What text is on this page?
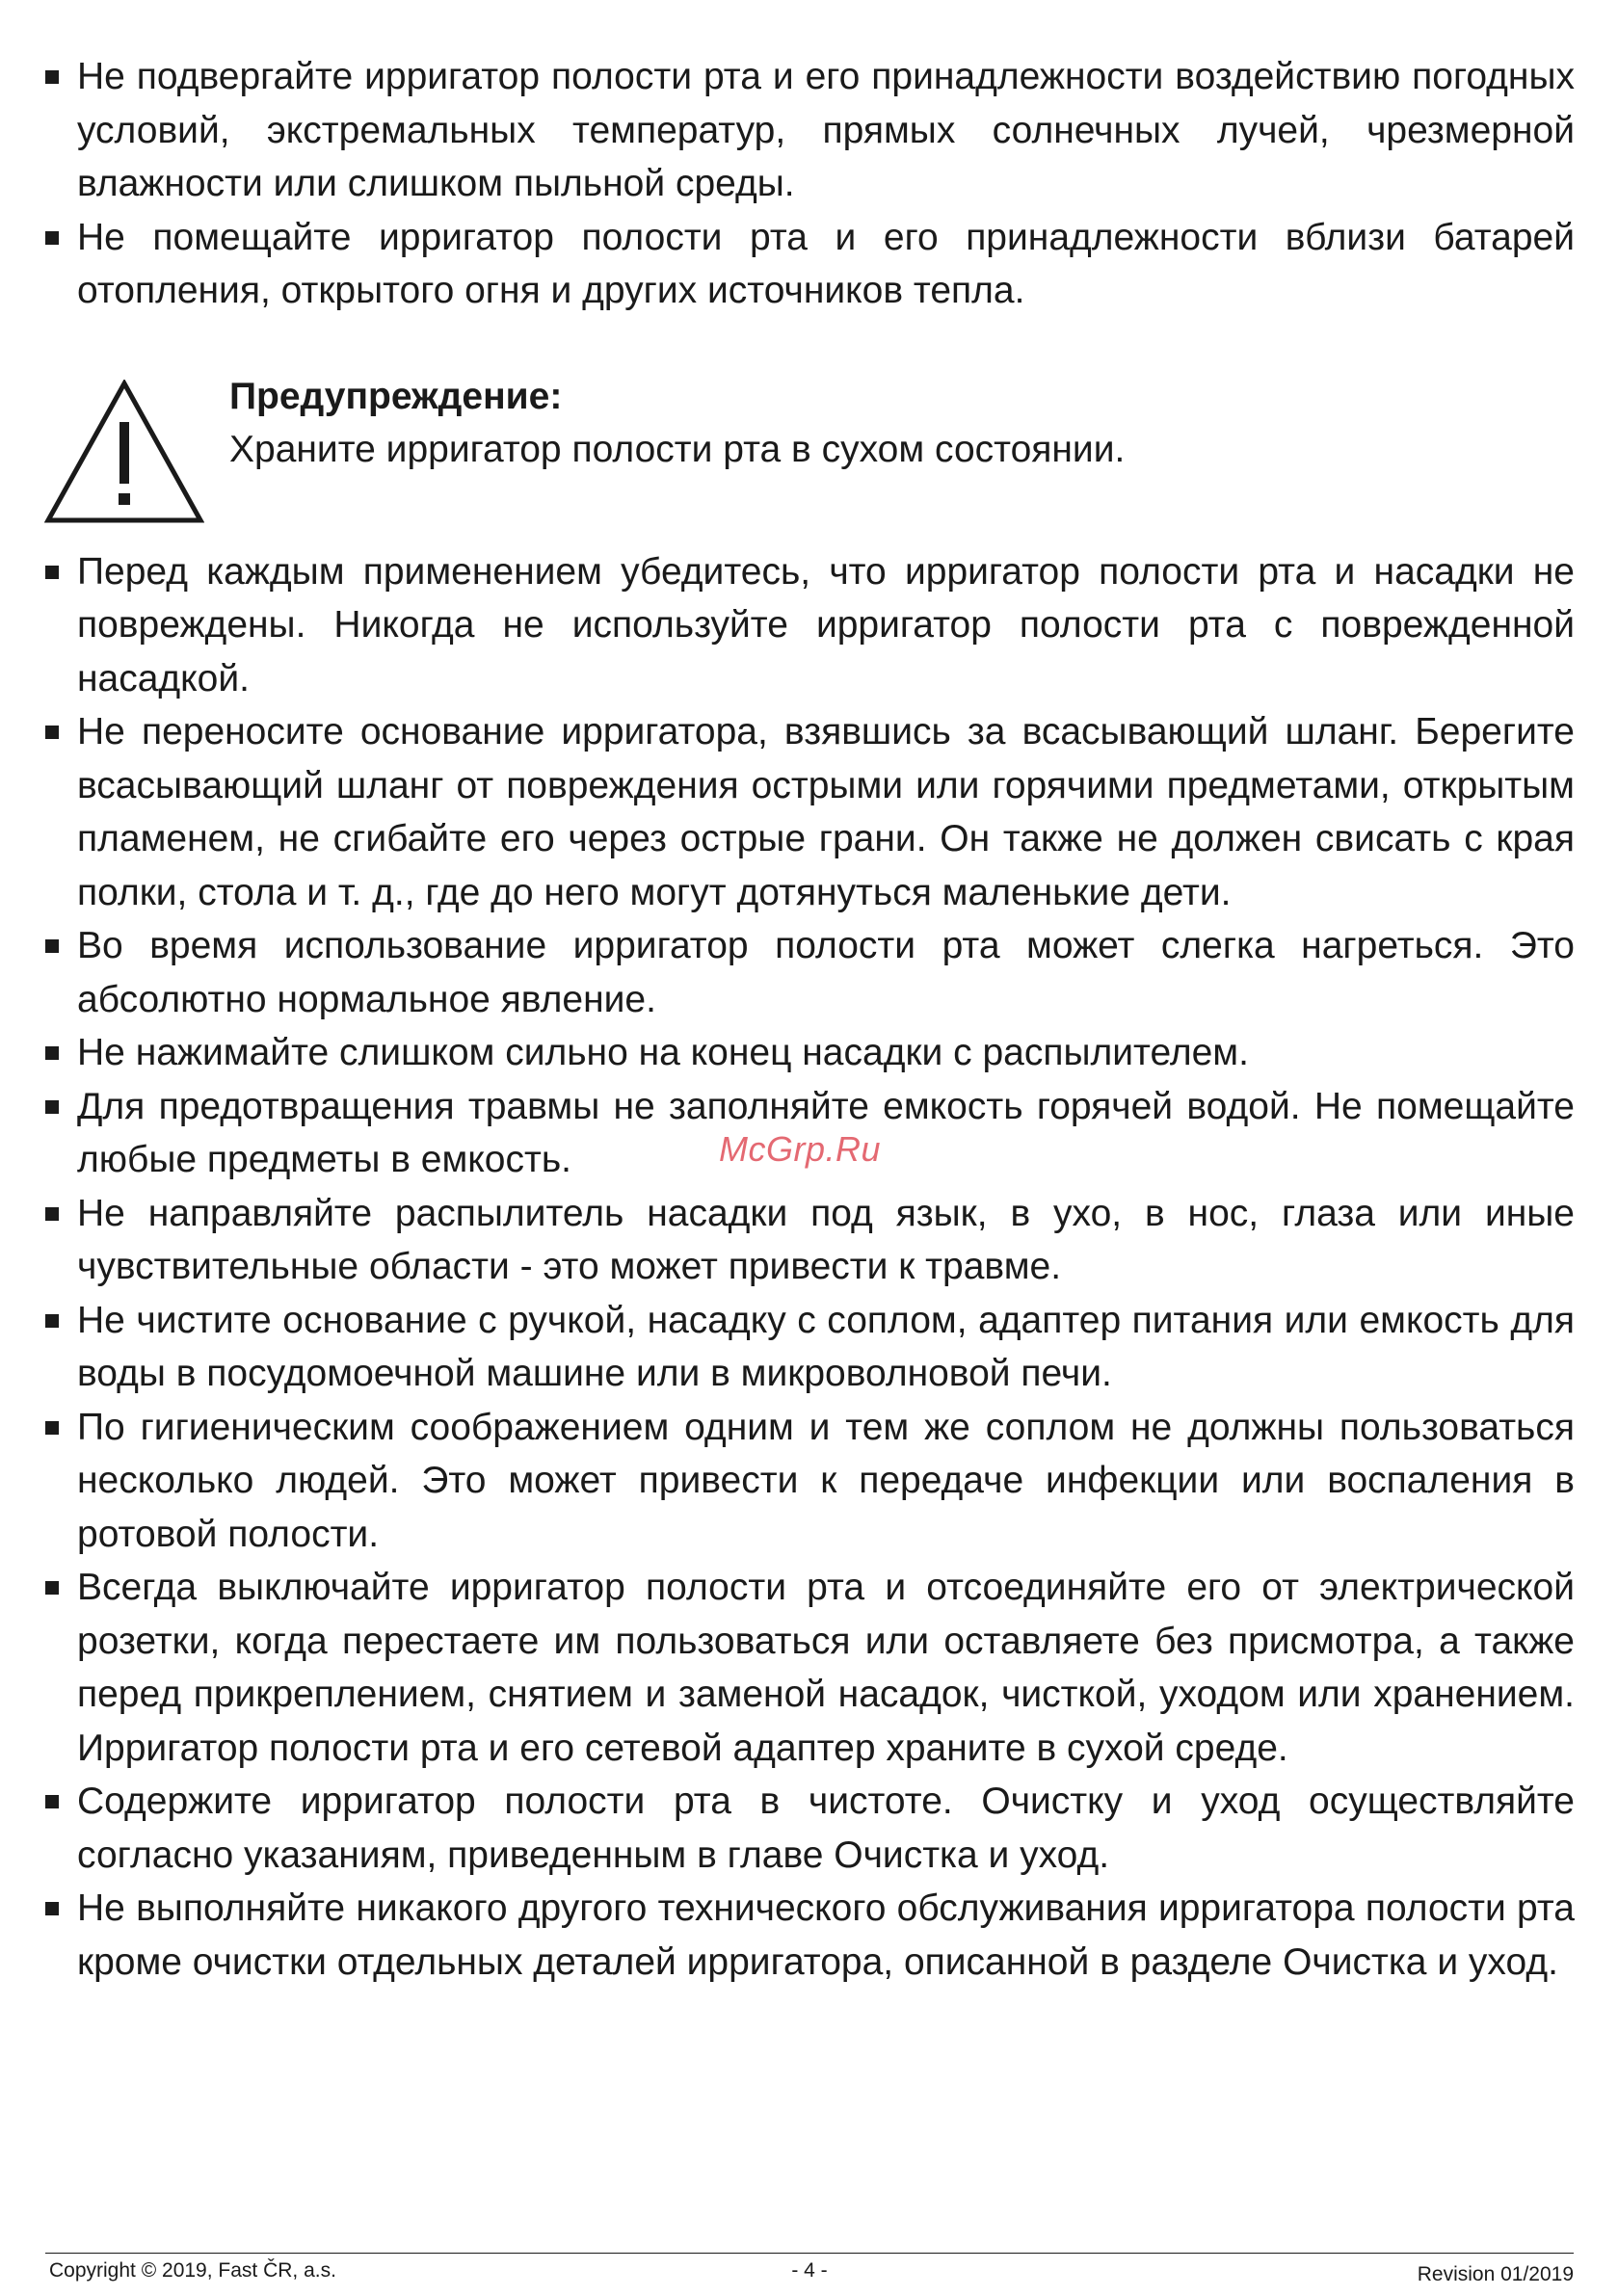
Не подвергайте ирригатор полости рта и его принадлежности воздействию погодных условий, экстремальных температур, прямых солнечных лучей, чрезмерной влажности или слишком пыльной среды.
Не помещайте ирригатор полости рта и его принадлежности вблизи батарей отопления, открытого огня и других источников тепла.
Предупреждение:
Храните ирригатор полости рта в сухом состоянии.
Перед каждым применением убедитесь, что ирригатор полости рта и насадки не повреждены. Никогда не используйте ирригатор полости рта с поврежденной насадкой.
Не переносите основание ирригатора, взявшись за всасывающий шланг. Берегите всасывающий шланг от повреждения острыми или горячими предметами, открытым пламенем, не сгибайте его через острые грани. Он также не должен свисать с края полки, стола и т. д., где до него могут дотянуться маленькие дети.
Во время использование ирригатор полости рта может слегка нагреться. Это абсолютно нормальное явление.
Не нажимайте слишком сильно на конец насадки с распылителем.
Для предотвращения травмы не заполняйте емкость горячей водой. Не помещайте любые предметы в емкость.
Не направляйте распылитель насадки под язык, в ухо, в нос, глаза или иные чувствительные области - это может привести к травме.
Не чистите основание с ручкой, насадку с соплом, адаптер питания или емкость для воды в посудомоечной машине или в микроволновой печи.
По гигиеническим соображением одним и тем же соплом не должны пользоваться несколько людей. Это может привести к передаче инфекции или воспаления в ротовой полости.
Всегда выключайте ирригатор полости рта и отсоединяйте его от электрической розетки, когда перестаете им пользоваться или оставляете без присмотра, а также перед прикреплением, снятием и заменой насадок, чисткой, уходом или хранением. Ирригатор полости рта и его сетевой адаптер храните в сухой среде.
Содержите ирригатор полости рта в чистоте. Очистку и уход осуществляйте согласно указаниям, приведенным в главе Очистка и уход.
Не выполняйте никакого другого технического обслуживания ирригатора полости рта кроме очистки отдельных деталей ирригатора, описанной в разделе Очистка и уход.
McGrp.Ru
Copyright © 2019, Fast ČR, a.s.	- 4 -	Revision 01/2019
